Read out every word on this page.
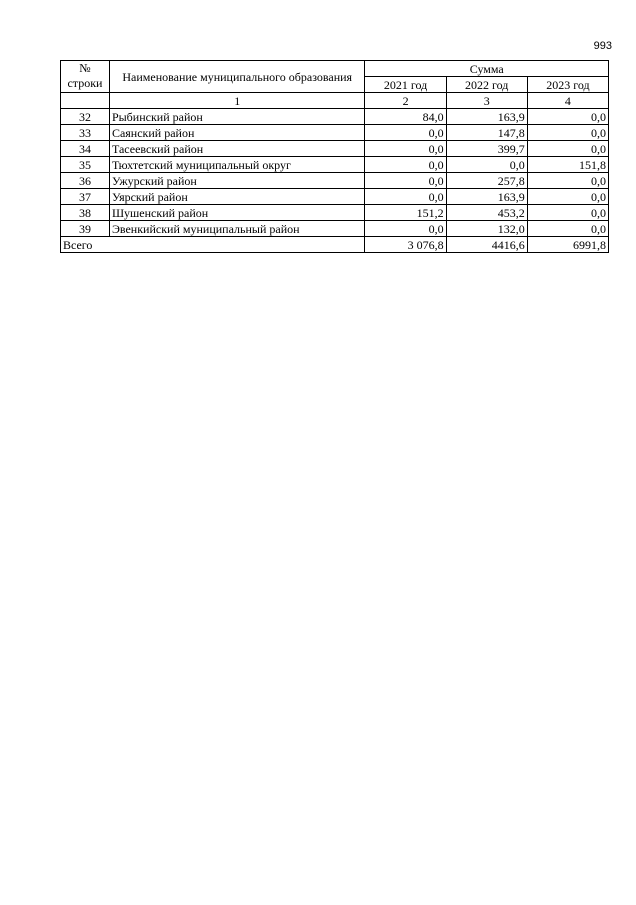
993
№
строки	Наименование муниципального образования	Сумма		
		2021 год	2022 год	2023 год
	1	2	3	4
32	Рыбинский район	84,0	163,9	0,0
33	Саянский район	0,0	147,8	0,0
34	Тасеевский район	0,0	399,7	0,0
35	Тюхтетский муниципальный округ	0,0	0,0	151,8
36	Ужурский район	0,0	257,8	0,0
37	Уярский район	0,0	163,9	0,0
38	Шушенский район	151,2	453,2	0,0
39	Эвенкийский муниципальный район	0,0	132,0	0,0
Всего		3 076,8	4416,6	6991,8
